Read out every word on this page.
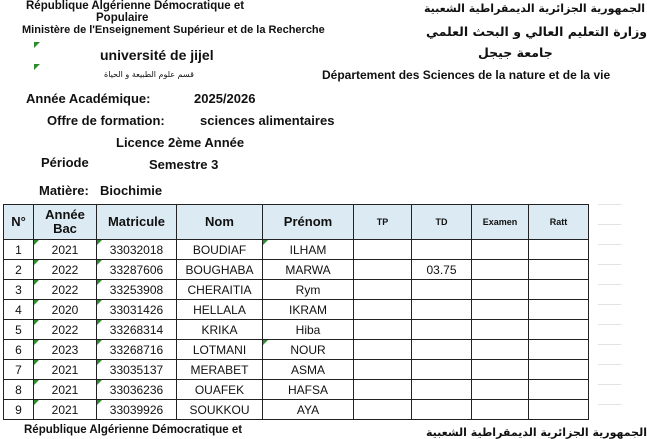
République Algérienne Démocratique et
Populaire
Ministère de l'Enseignement Supérieur et de la Recherche
université de jijel
قسم علوم الطبيعة و الحياة
الجمهورية الجزائرية الديمقراطية الشعبية
وزارة التعليم العالي و البحث العلمي
جامعة جيجل
Département des Sciences de la nature et de la vie
Année Académique:	2025/2026
Offre de formation:	sciences alimentaires
Licence 2ème Année
Période	Semestre 3
Matière: Biochimie
N°	Année Bac	Matricule	Nom	Prénom	TP	TD	Examen	Ratt
1	2021	33032018	BOUDIAF	ILHAM

2	2022	33287606	BOUGHABA	MARWA		03.75		
3	2022	33253908	CHERAITIA	Rym				
4	2020	33031426	HELLALA	IKRAM				
5	2022	33268314	KRIKA	Hiba				
6	2023	33268716	LOTMANI	NOUR

7	2021	33035137	MERABET	ASMA				
8	2021	33036236	OUAFEK	HAFSA				
9	2021	33039926	SOUKKOU	AYA				
République Algérienne Démocratique et	الجمهورية الجزائرية الديمقراطية الشعبية
